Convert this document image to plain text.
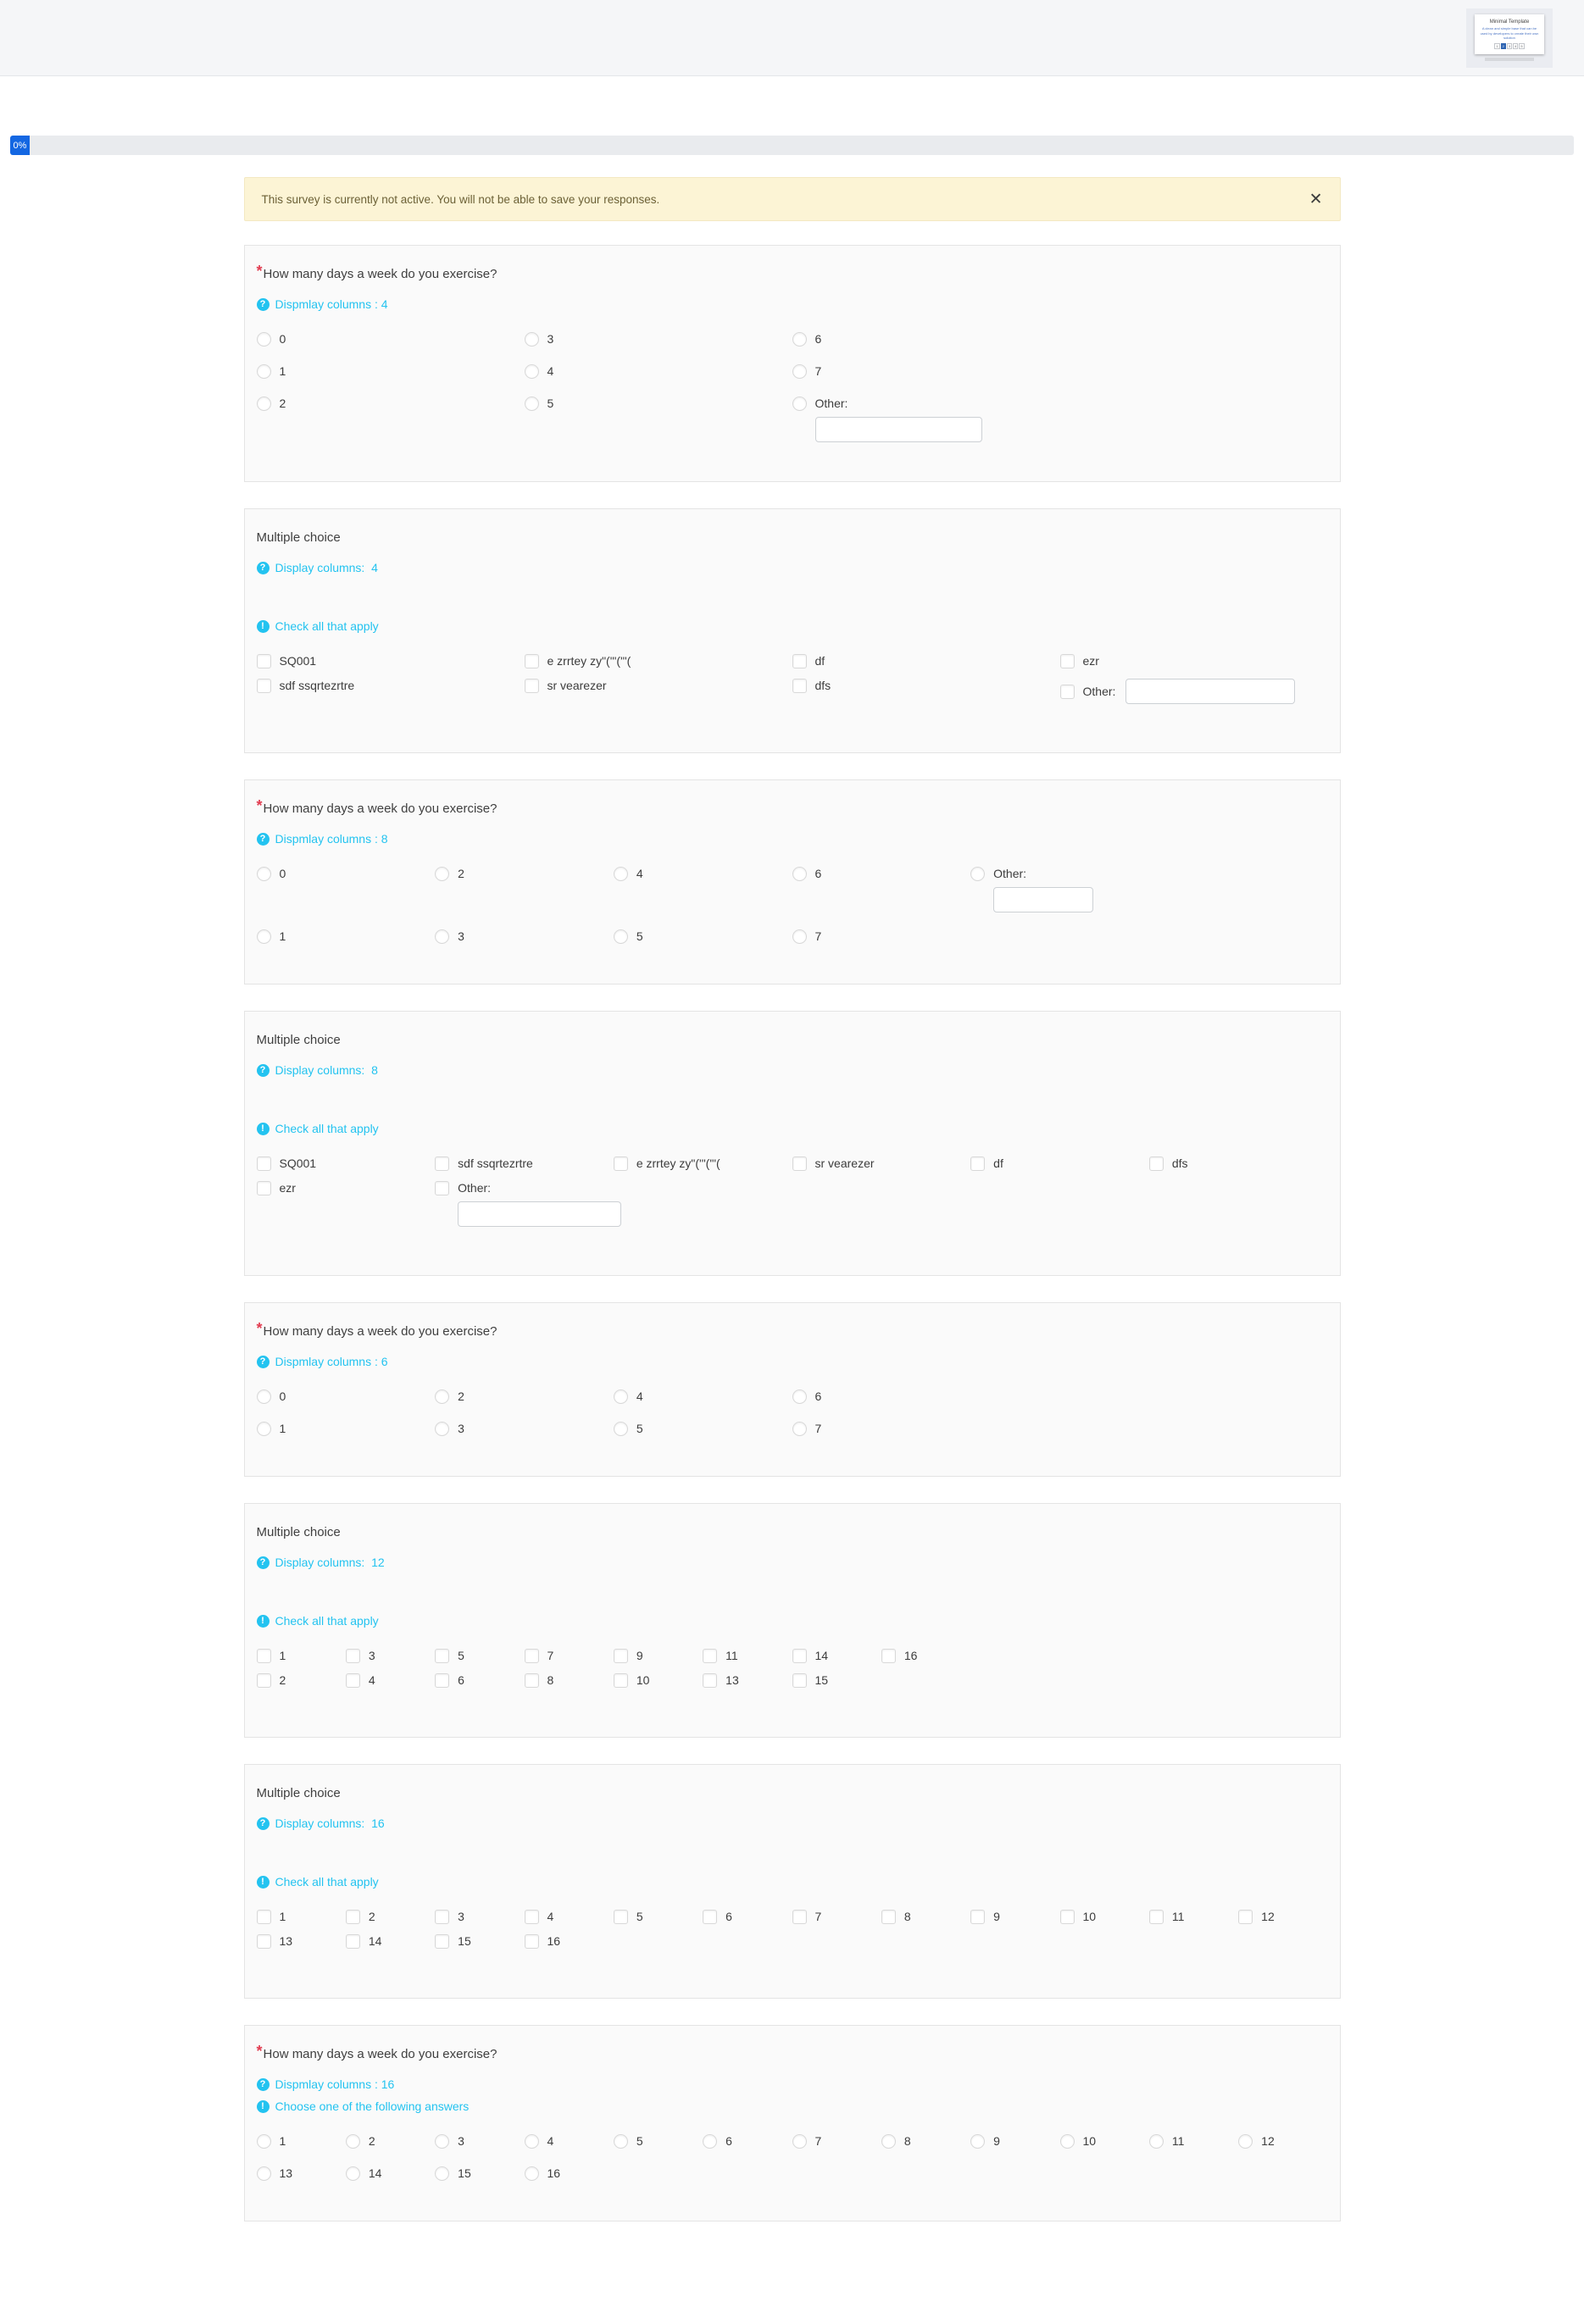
Minimal Template
A clean and simple base that can be used by developers to create their own solution
1	2	3	4	5
0%
This survey is currently not active. You will not be able to save your responses.	✕
*How many days a week do you exercise?
? Dispmlay columns : 4
0	3	6
1	4	7
2	5	Other:
Multiple choice
? Display columns:  4
! Check all that apply
SQ001	e zrrtey zy"('"('"(	df	ezr
sdf ssqrtezrtre	sr vearezer	dfs	Other:
*How many days a week do you exercise?
? Dispmlay columns : 8
0	2	4	6	Other:
1	3	5	7
Multiple choice
? Display columns:  8
! Check all that apply
SQ001	sdf ssqrtezrtre	e zrrtey zy"('"('"(	sr vearezer	df	dfs
ezr	Other:
*How many days a week do you exercise?
? Dispmlay columns : 6
0	2	4	6
1	3	5	7
Multiple choice
? Display columns:  12
! Check all that apply
1	3	5	7	9	11	14	16
2	4	6	8	10	13	15
Multiple choice
? Display columns:  16
! Check all that apply
1	2	3	4	5	6	7	8	9	10	11	12
13	14	15	16
*How many days a week do you exercise?
? Dispmlay columns : 16
! Choose one of the following answers
1	2	3	4	5	6	7	8	9	10	11	12
13	14	15	16
